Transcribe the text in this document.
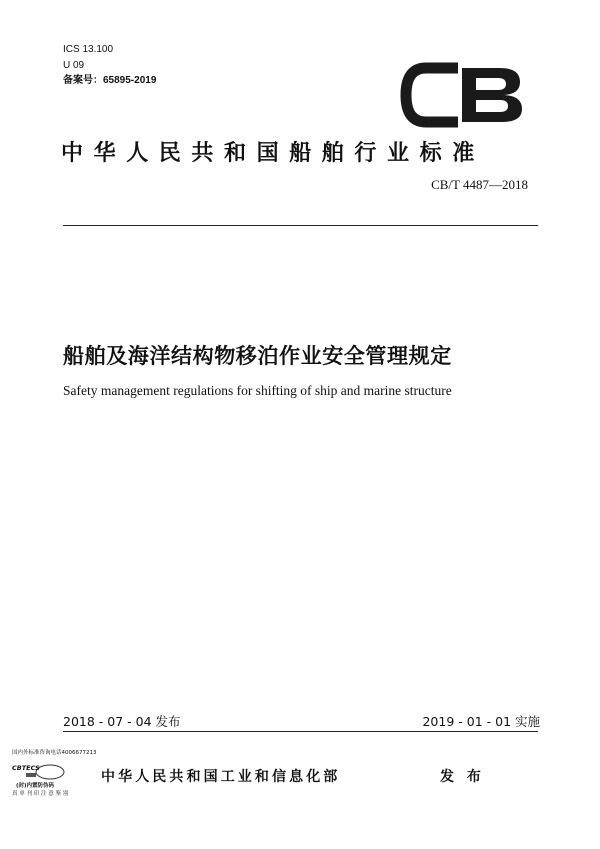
ICS 13.100
U 09
备案号：65895-2019
CB
中华人民共和国船舶行业标准
CB/T 4487—2018
船舶及海洋结构物移泊作业安全管理规定
Safety management regulations for shifting of ship and marine structure
2018 - 07 - 04 发布	2019 - 01 - 01 实施
国内外标准咨询电话4006677213
CBTECS
(封)内置防伪码
真 单 刊 印 注 意 鉴 别
中华人民共和国工业和信息化部	发 布
